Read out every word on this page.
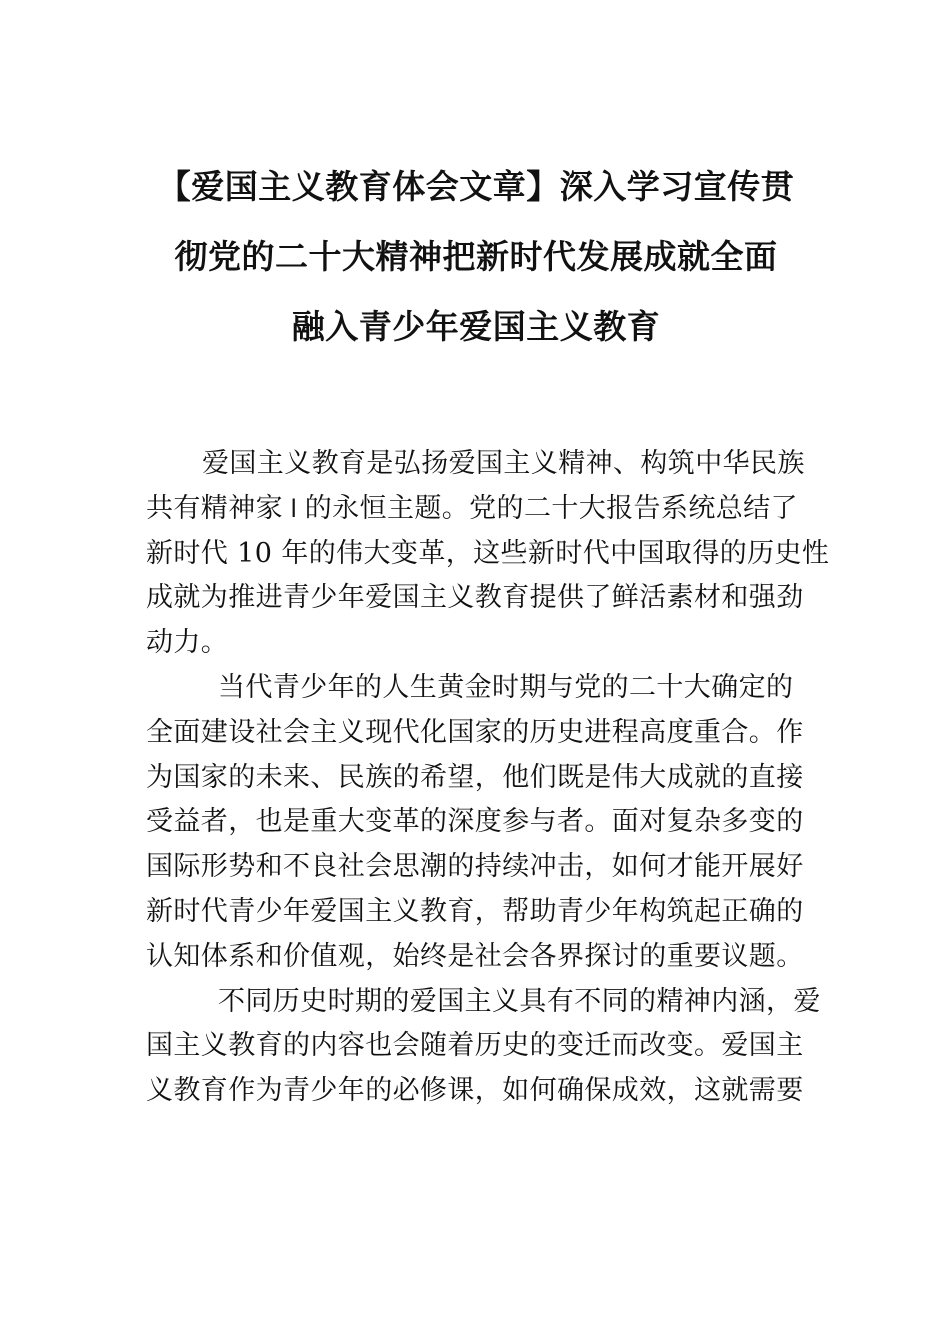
【爱国主义教育体会文章】深入学习宣传贯
彻党的二十大精神把新时代发展成就全面
融入青少年爱国主义教育

爱国主义教育是弘扬爱国主义精神、构筑中华民族
共有精神家⏽的永恒主题。党的二十大报告系统总结了
新时代 10 年的伟大变革，这些新时代中国取得的历史性
成就为推进青少年爱国主义教育提供了鲜活素材和强劲
动力。

当代青少年的人生黄金时期与党的二十大确定的
全面建设社会主义现代化国家的历史进程高度重合。作
为国家的未来、民族的希望，他们既是伟大成就的直接
受益者，也是重大变革的深度参与者。面对复杂多变的
国际形势和不良社会思潮的持续冲击，如何才能开展好
新时代青少年爱国主义教育，帮助青少年构筑起正确的
认知体系和价值观，始终是社会各界探讨的重要议题。

不同历史时期的爱国主义具有不同的精神内涵，爱
国主义教育的内容也会随着历史的变迁而改变。爱国主
义教育作为青少年的必修课，如何确保成效，这就需要
